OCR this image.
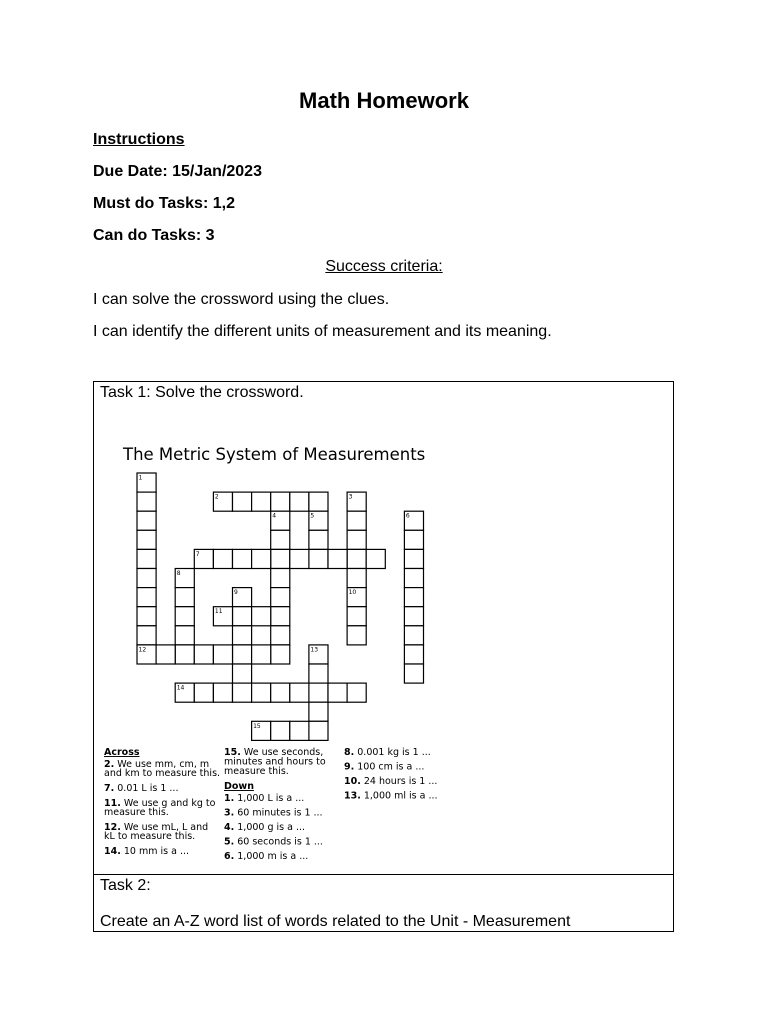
Math Homework
Instructions
Due Date: 15/Jan/2023
Must do Tasks: 1,2
Can do Tasks: 3
Success criteria:
I can solve the crossword using the clues.
I can identify the different units of measurement and its meaning.
Task 1: Solve the crossword.
The Metric System of Measurements
1
2	3
4	5	6
7
8
9	10
11
12	13
14
15
Across
2. We use mm, cm, m
and km to measure this.
7. 0.01 L is 1 ...
11. We use g and kg to
measure this.
12. We use mL, L and
kL to measure this.
14. 10 mm is a ...
15. We use seconds,
minutes and hours to
measure this.
Down
1. 1,000 L is a ...
3. 60 minutes is 1 ...
4. 1,000 g is a ...
5. 60 seconds is 1 ...
6. 1,000 m is a ...
8. 0.001 kg is 1 ...
9. 100 cm is a ...
10. 24 hours is 1 ...
13. 1,000 ml is a ...
Task 2:
Create an A-Z word list of words related to the Unit - Measurement
